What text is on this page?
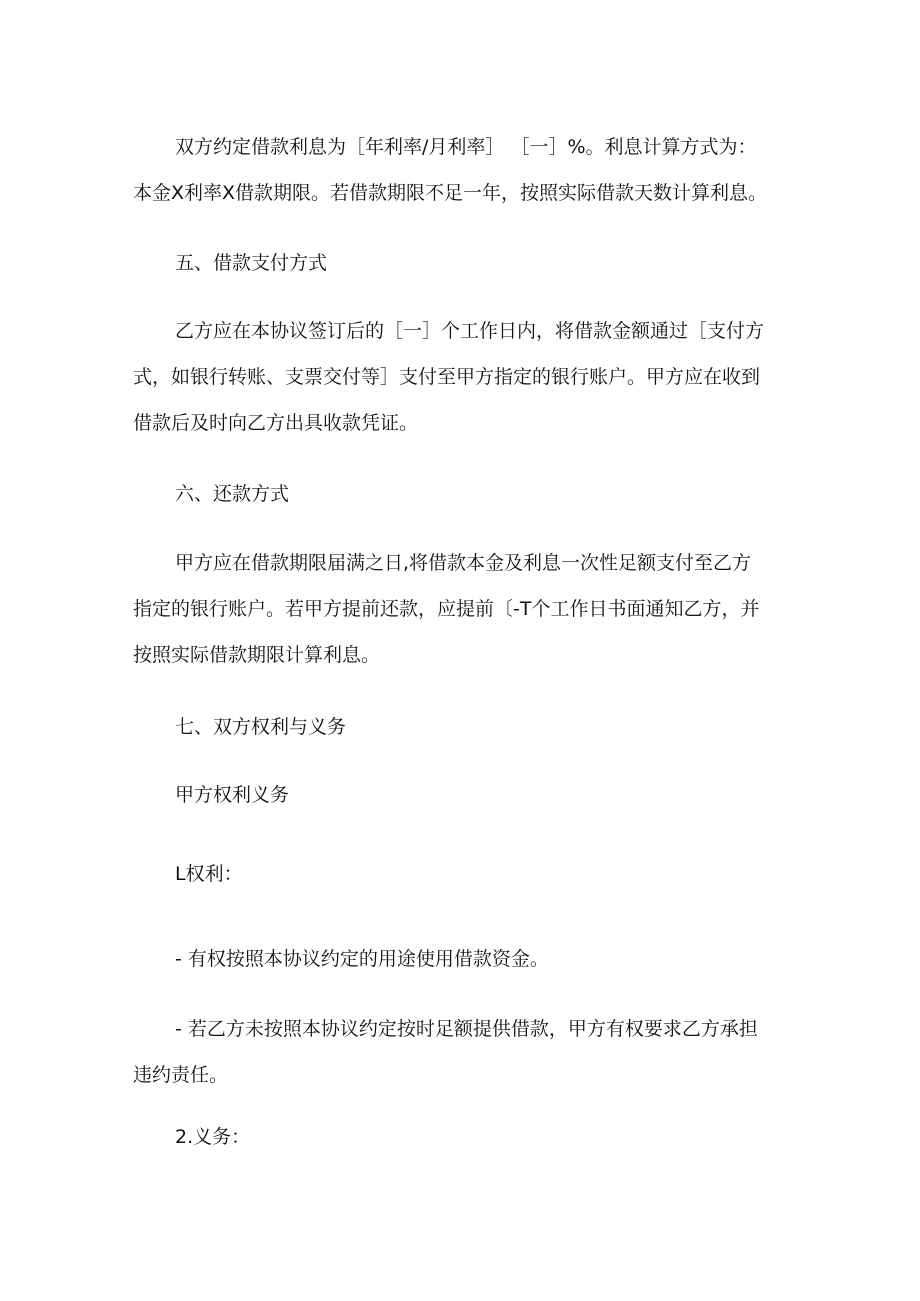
双方约定借款利息为［年利率/月利率］ ［一］%。利息计算方式为：
本金X利率X借款期限。若借款期限不足一年，按照实际借款天数计算利息。

五、借款支付方式

乙方应在本协议签订后的［一］个工作日内，将借款金额通过［支付方
式，如银行转账、支票交付等］支付至甲方指定的银行账户。甲方应在收到
借款后及时向乙方出具收款凭证。

六、还款方式

甲方应在借款期限届满之日,将借款本金及利息一次性足额支付至乙方
指定的银行账户。若甲方提前还款，应提前〔-T个工作日书面通知乙方，并
按照实际借款期限计算利息。

七、双方权利与义务

甲方权利义务

L权利：

- 有权按照本协议约定的用途使用借款资金。

- 若乙方未按照本协议约定按时足额提供借款，甲方有权要求乙方承担
违约责任。

2.义务：
